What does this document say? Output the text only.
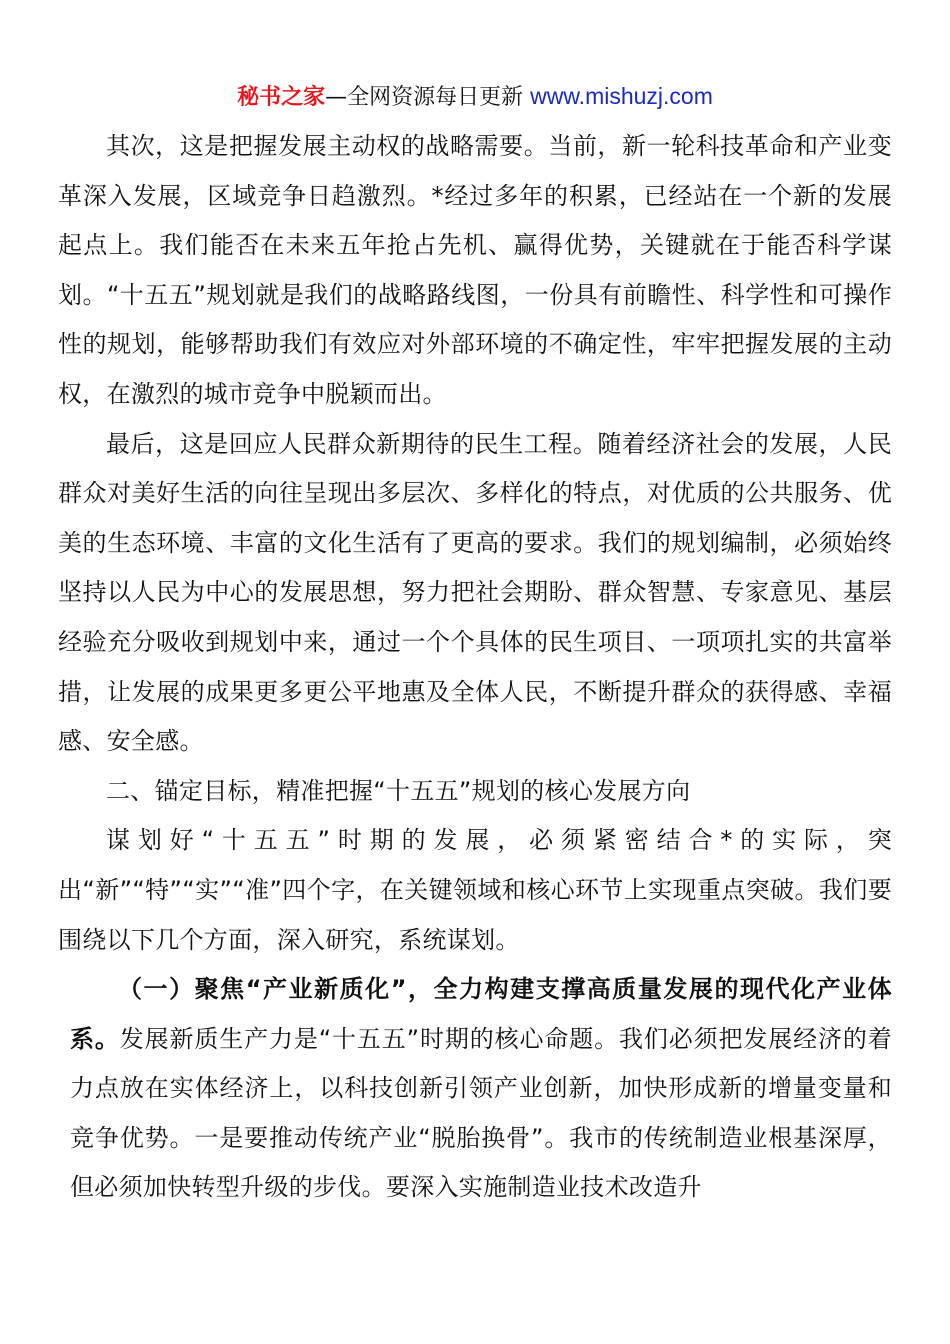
秘书之家—全网资源每日更新 www.mishuzj.com

其次，这是把握发展主动权的战略需要。当前，新一轮科技革命和产业变革深入发展，区域竞争日趋激烈。*经过多年的积累，已经站在一个新的发展起点上。我们能否在未来五年抢占先机、赢得优势，关键就在于能否科学谋划。“十五五”规划就是我们的战略路线图，一份具有前瞻性、科学性和可操作性的规划，能够帮助我们有效应对外部环境的不确定性，牢牢把握发展的主动权，在激烈的城市竞争中脱颖而出。

最后，这是回应人民群众新期待的民生工程。随着经济社会的发展，人民群众对美好生活的向往呈现出多层次、多样化的特点，对优质的公共服务、优美的生态环境、丰富的文化生活有了更高的要求。我们的规划编制，必须始终坚持以人民为中心的发展思想，努力把社会期盼、群众智慧、专家意见、基层经验充分吸收到规划中来，通过一个个具体的民生项目、一项项扎实的共富举措，让发展的成果更多更公平地惠及全体人民，不断提升群众的获得感、幸福感、安全感。

二、锚定目标，精准把握“十五五”规划的核心发展方向

谋划好“十五五”时期的发展，必须紧密结合*的实际，突出“新”“特”“实”“准”四个字，在关键领域和核心环节上实现重点突破。我们要围绕以下几个方面，深入研究，系统谋划。

（一）聚焦“产业新质化”，全力构建支撑高质量发展的现代化产业体系。发展新质生产力是“十五五”时期的核心命题。我们必须把发展经济的着力点放在实体经济上，以科技创新引领产业创新，加快形成新的增量变量和竞争优势。一是要推动传统产业“脱胎换骨”。我市的传统制造业根基深厚，但必须加快转型升级的步伐。要深入实施制造业技术改造升
